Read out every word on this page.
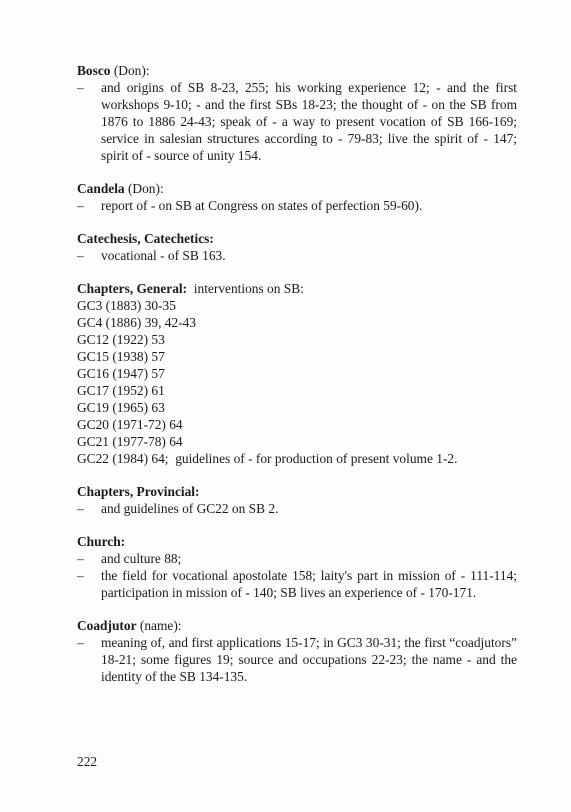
Bosco (Don):

– and origins of SB 8-23, 255; his working experience 12; - and the first workshops 9-10; - and the first SBs 18-23; the thought of - on the SB from 1876 to 1886 24-43; speak of - a way to present vocation of SB 166-169; service in salesian structures according to - 79-83; live the spirit of - 147; spirit of - source of unity 154.

Candela (Don):

– report of - on SB at Congress on states of perfection 59-60).

Catechesis, Catechetics:

– vocational - of SB 163.

Chapters, General:  interventions on SB:

GC3 (1883) 30-35

GC4 (1886) 39, 42-43

GC12 (1922) 53

GC15 (1938) 57

GC16 (1947) 57

GC17 (1952) 61

GC19 (1965) 63

GC20 (1971-72) 64

GC21 (1977-78) 64

GC22 (1984) 64;  guidelines of - for production of present volume 1-2.

Chapters, Provincial:

– and guidelines of GC22 on SB 2.

Church:

– and culture 88;

– the field for vocational apostolate 158; laity's part in mission of - 111-114; participation in mission of - 140; SB lives an experience of - 170-171.

Coadjutor (name):

– meaning of, and first applications 15-17; in GC3 30-31; the first “coadjutors” 18-21; some figures 19; source and occupations 22-23; the name - and the identity of the SB 134-135.

222
